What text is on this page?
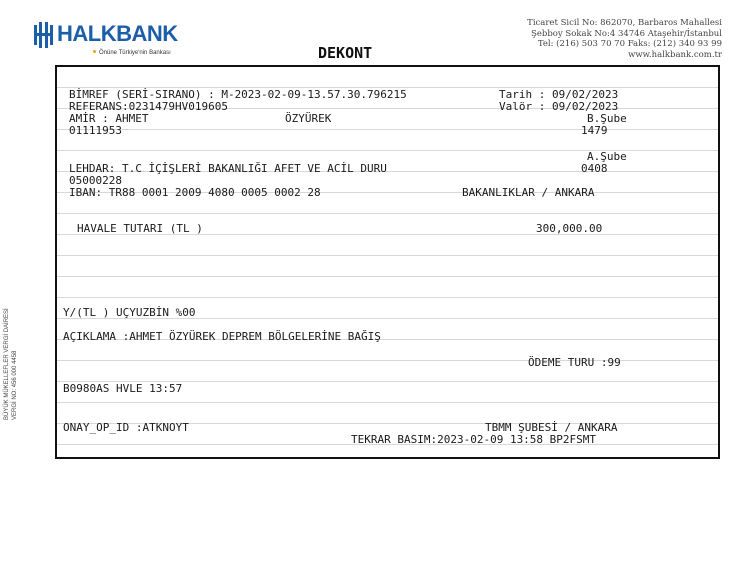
HALKBANK
Önüne Türkiye'nin Bankası
Ticaret Sicil No: 862070, Barbaros Mahallesi
Şebboy Sokak No:4 34746 Ataşehir/İstanbul
Tel: (216) 503 70 70 Faks: (212) 340 93 99
www.halkbank.com.tr
DEKONT
BÜYÜK MÜKELLEFLER VERGİ DAİRESİ VERGİ NO: 456 000 4458
BİMREF (SERİ-SIRANO) : M-2023-02-09-13.57.30.796215	Tarih : 09/02/2023
REFERANS:0231479HV019605	Valör : 09/02/2023
AMİR : AHMET	ÖZYÜREK	B.Şube
01111953	1479
A.Şube
LEHDAR: T.C İÇİŞLERİ BAKANLIĞI AFET VE ACİL DURU	0408
05000228
IBAN: TR88 0001 2009 4080 0005 0002 28	BAKANLIKLAR / ANKARA
HAVALE TUTARI (TL )	300,000.00
Y/(TL ) UÇYUZBİN %00
AÇIKLAMA :AHMET ÖZYÜREK DEPREM BÖLGELERİNE BAĞIŞ
ÖDEME TURU :99
B0980AS HVLE 13:57
ONAY_OP_ID :ATKNOYT	TBMM ŞUBESİ / ANKARA
TEKRAR BASIM:2023-02-09 13:58 BP2FSMT
